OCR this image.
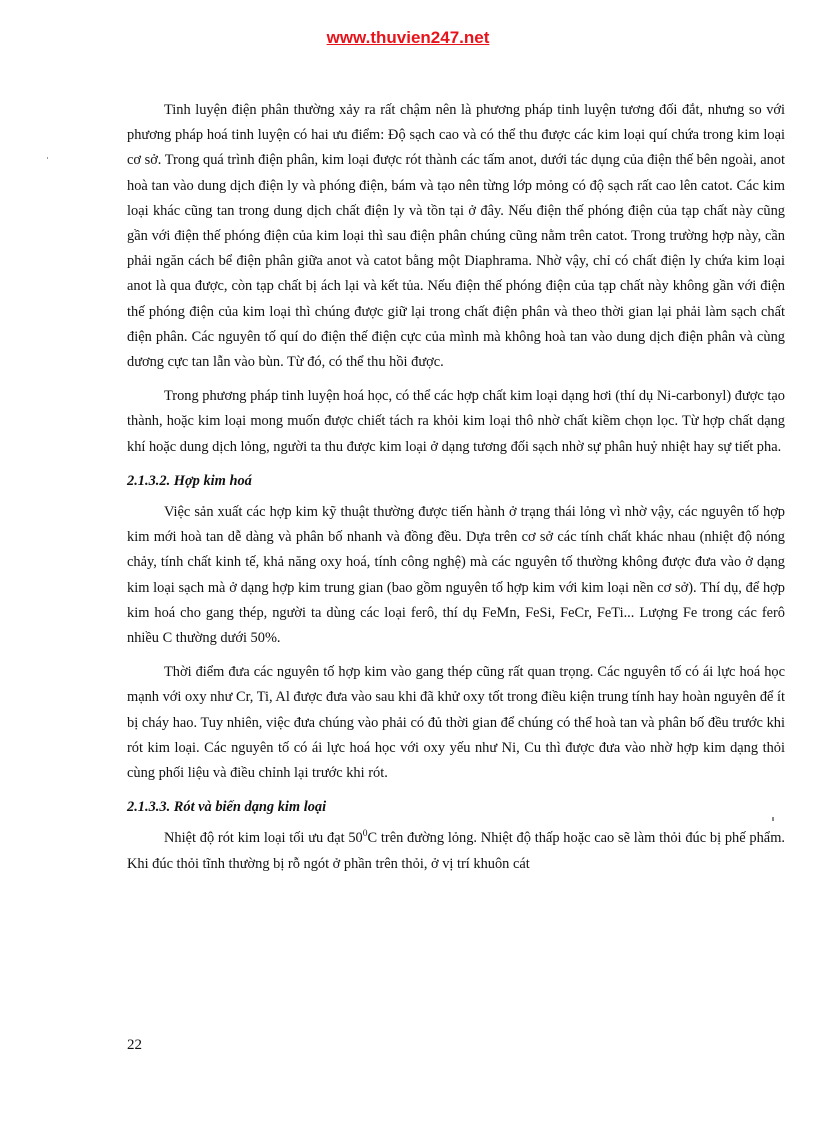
www.thuvien247.net

Tinh luyện điện phân thường xảy ra rất chậm nên là phương pháp tinh luyện tương đối đắt, nhưng so với phương pháp hoá tinh luyện có hai ưu điểm: Độ sạch cao và có thể thu được các kim loại quí chứa trong kim loại cơ sở. Trong quá trình điện phân, kim loại được rót thành các tấm anot, dưới tác dụng của điện thế bên ngoài, anot hoà tan vào dung dịch điện ly và phóng điện, bám và tạo nên từng lớp mỏng có độ sạch rất cao lên catot. Các kim loại khác cũng tan trong dung dịch chất điện ly và tồn tại ở đây. Nếu điện thế phóng điện của tạp chất này cũng gần với điện thế phóng điện của kim loại thì sau điện phân chúng cũng nằm trên catot. Trong trường hợp này, cần phải ngăn cách bể điện phân giữa anot và catot bằng một Diaphrama. Nhờ vậy, chỉ có chất điện ly chứa kim loại anot là qua được, còn tạp chất bị ách lại và kết tủa. Nếu điện thế phóng điện của tạp chất này không gần với điện thế phóng điện của kim loại thì chúng được giữ lại trong chất điện phân và theo thời gian lại phải làm sạch chất điện phân. Các nguyên tố quí do điện thế điện cực của mình mà không hoà tan vào dung dịch điện phân và cùng dương cực tan lẫn vào bùn. Từ đó, có thể thu hồi được.

Trong phương pháp tinh luyện hoá học, có thể các hợp chất kim loại dạng hơi (thí dụ Ni-carbonyl) được tạo thành, hoặc kim loại mong muốn được chiết tách ra khỏi kim loại thô nhờ chất kiềm chọn lọc. Từ hợp chất dạng khí hoặc dung dịch lỏng, người ta thu được kim loại ở dạng tương đối sạch nhờ sự phân huỷ nhiệt hay sự tiết pha.

2.1.3.2. Hợp kim hoá

Việc sản xuất các hợp kim kỹ thuật thường được tiến hành ở trạng thái lỏng vì nhờ vậy, các nguyên tố hợp kim mới hoà tan dễ dàng và phân bố nhanh và đồng đều. Dựa trên cơ sở các tính chất khác nhau (nhiệt độ nóng chảy, tính chất kinh tế, khả năng oxy hoá, tính công nghệ) mà các nguyên tố thường không được đưa vào ở dạng kim loại sạch mà ở dạng hợp kim trung gian (bao gồm nguyên tố hợp kim với kim loại nền cơ sở). Thí dụ, để hợp kim hoá cho gang thép, người ta dùng các loại ferô, thí dụ FeMn, FeSi, FeCr, FeTi... Lượng Fe trong các ferô nhiều C thường dưới 50%.

Thời điểm đưa các nguyên tố hợp kim vào gang thép cũng rất quan trọng. Các nguyên tố có ái lực hoá học mạnh với oxy như Cr, Ti, Al được đưa vào sau khi đã khử oxy tốt trong điều kiện trung tính hay hoàn nguyên để ít bị cháy hao. Tuy nhiên, việc đưa chúng vào phải có đủ thời gian để chúng có thể hoà tan và phân bố đều trước khi rót kim loại. Các nguyên tố có ái lực hoá học với oxy yếu như Ni, Cu thì được đưa vào nhờ hợp kim dạng thỏi cùng phối liệu và điều chỉnh lại trước khi rót.

2.1.3.3. Rót và biến dạng kim loại

Nhiệt độ rót kim loại tối ưu đạt $50^0C$ trên đường lỏng. Nhiệt độ thấp hoặc cao sẽ làm thỏi đúc bị phế phẩm. Khi đúc thỏi tĩnh thường bị rỗ ngót ở phần trên thỏi, ở vị trí khuôn cát

22
